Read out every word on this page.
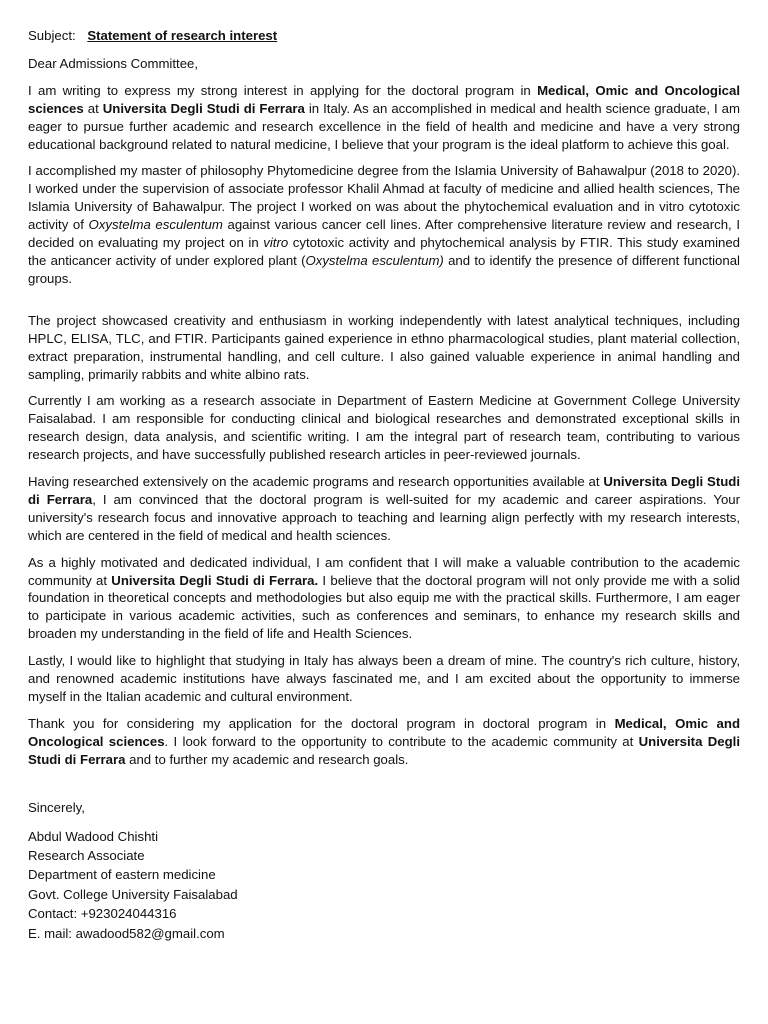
Subject: Statement of research interest

Dear Admissions Committee,

I am writing to express my strong interest in applying for the doctoral program in Medical, Omic and Oncological sciences at Universita Degli Studi di Ferrara in Italy. As an accomplished in medical and health science graduate, I am eager to pursue further academic and research excellence in the field of health and medicine and have a very strong educational background related to natural medicine, I believe that your program is the ideal platform to achieve this goal.

I accomplished my master of philosophy Phytomedicine degree from the Islamia University of Bahawalpur (2018 to 2020). I worked under the supervision of associate professor Khalil Ahmad at faculty of medicine and allied health sciences, The Islamia University of Bahawalpur. The project I worked on was about the phytochemical evaluation and in vitro cytotoxic activity of Oxystelma esculentum against various cancer cell lines. After comprehensive literature review and research, I decided on evaluating my project on in vitro cytotoxic activity and phytochemical analysis by FTIR. This study examined the anticancer activity of under explored plant (Oxystelma esculentum) and to identify the presence of different functional groups.

The project showcased creativity and enthusiasm in working independently with latest analytical techniques, including HPLC, ELISA, TLC, and FTIR. Participants gained experience in ethno pharmacological studies, plant material collection, extract preparation, instrumental handling, and cell culture. I also gained valuable experience in animal handling and sampling, primarily rabbits and white albino rats.

Currently I am working as a research associate in Department of Eastern Medicine at Government College University Faisalabad. I am responsible for conducting clinical and biological researches and demonstrated exceptional skills in research design, data analysis, and scientific writing. I am the integral part of research team, contributing to various research projects, and have successfully published research articles in peer-reviewed journals.

Having researched extensively on the academic programs and research opportunities available at Universita Degli Studi di Ferrara, I am convinced that the doctoral program is well-suited for my academic and career aspirations. Your university's research focus and innovative approach to teaching and learning align perfectly with my research interests, which are centered in the field of medical and health sciences.

As a highly motivated and dedicated individual, I am confident that I will make a valuable contribution to the academic community at Universita Degli Studi di Ferrara. I believe that the doctoral program will not only provide me with a solid foundation in theoretical concepts and methodologies but also equip me with the practical skills. Furthermore, I am eager to participate in various academic activities, such as conferences and seminars, to enhance my research skills and broaden my understanding in the field of life and Health Sciences.

Lastly, I would like to highlight that studying in Italy has always been a dream of mine. The country's rich culture, history, and renowned academic institutions have always fascinated me, and I am excited about the opportunity to immerse myself in the Italian academic and cultural environment.

Thank you for considering my application for the doctoral program in doctoral program in Medical, Omic and Oncological sciences. I look forward to the opportunity to contribute to the academic community at Universita Degli Studi di Ferrara and to further my academic and research goals.

Sincerely,
Abdul Wadood Chishti
Research Associate
Department of eastern medicine
Govt. College University Faisalabad
Contact: +923024044316
E. mail: awadood582@gmail.com
